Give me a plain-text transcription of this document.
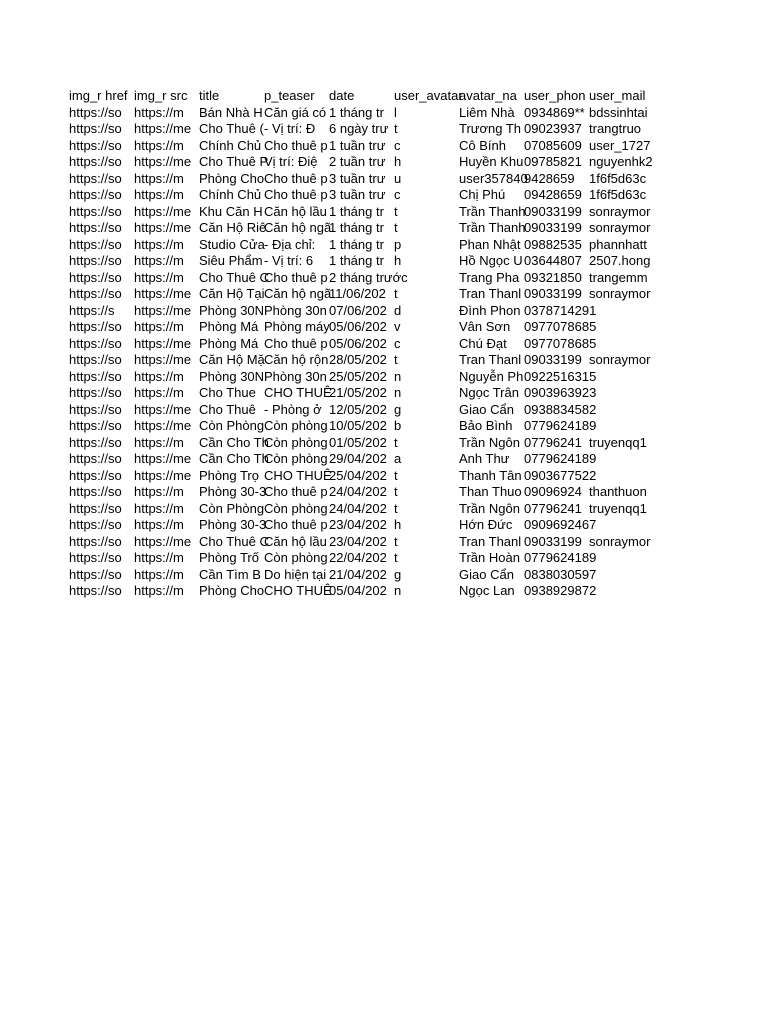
img_r href	img_r src	title	p_teaser	date	user_avatar	avatar_na	user_phon	user_mail
https://so	https://m	Bán Nhà H	Căn giá có	1 tháng tr	l	Liêm Nhà	0934869**	bdssinhtai
https://so	https://me	Cho Thuê (	- Vị trí: Đ	6 ngày trư	t	Trương Th	09023937	trangtruo
https://so	https://m	Chính Chủ	Cho thuê p	1 tuần trư	c	Cô Bính	07085609	user_1727
https://so	https://me	Cho Thuê P	Vị trí: Điệ	2 tuần trư	h	Huyền Khu	09785821	nguyenhk2
https://so	https://m	Phòng Cho	Cho thuê p	3 tuần trư	u	user357840	9428659	1f6f5d63c
https://so	https://m	Chính Chủ	Cho thuê p	3 tuần trư	c	Chị Phú	09428659	1f6f5d63c
https://so	https://me	Khu Căn H	Căn hộ lầu	1 tháng tr	t	Trần Thanh	09033199	sonraymor
https://so	https://me	Căn Hộ Riê	Căn hộ ngã	1 tháng tr	t	Trần Thanh	09033199	sonraymor
https://so	https://m	Studio Cửa	- Địa chỉ:	1 tháng tr	p	Phan Nhật	09882535	phannhatt
https://so	https://m	Siêu Phẩm	- Vị trí: 6	1 tháng tr	h	Hồ Ngọc U	03644807	2507.hong
https://so	https://m	Cho Thuê C	Cho thuê p	2 tháng trước		Trang Pha	09321850	trangemm
https://so	https://me	Căn Hộ Tại	Căn hộ ngã	11/06/202	t	Tran Thanl	09033199	sonraymor
https://s	https://me	Phòng 30N	Phòng 30n	07/06/202	d	Đình Phon	0378714291	
https://so	https://m	Phòng Má	Phòng máy	05/06/202	v	Vân Sơn	0977078685	
https://so	https://me	Phòng Má	Cho thuê p	05/06/202	c	Chú Đạt	0977078685	
https://so	https://me	Căn Hộ Mặ	Căn hộ rộn	28/05/202	t	Tran Thanl	09033199	sonraymor
https://so	https://m	Phòng 30N	Phòng 30n	25/05/202	n	Nguyễn Ph	0922516315	
https://so	https://m	Cho Thue	CHO THUÊ	21/05/202	n	Ngọc Trân	0903963923	
https://so	https://me	Cho Thuê	- Phòng ở	12/05/202	g	Giao Cẩn	0938834582	
https://so	https://me	Còn Phòng	Còn phòng	10/05/202	b	Bảo Bình	0779624189	
https://so	https://m	Cần Cho Th	Còn phòng	01/05/202	t	Trần Ngôn	07796241	truyenqq1
https://so	https://me	Cần Cho Th	Còn phòng	29/04/202	a	Anh Thư	0779624189	
https://so	https://me	Phòng Trọ	CHO THUÊ	25/04/202	t	Thanh Tân	0903677522	
https://so	https://m	Phòng 30-3	Cho thuê p	24/04/202	t	Than Thuo	09096924	thanthuon
https://so	https://m	Còn Phòng	Còn phòng	24/04/202	t	Trần Ngôn	07796241	truyenqq1
https://so	https://m	Phòng 30-3	Cho thuê p	23/04/202	h	Hớn Đức	0909692467	
https://so	https://me	Cho Thuê C	Căn hộ lầu	23/04/202	t	Tran Thanl	09033199	sonraymor
https://so	https://m	Phòng Trố	Còn phòng	22/04/202	t	Trần Hoàn	0779624189	
https://so	https://m	Cần Tìm B	Do hiện tại	21/04/202	g	Giao Cẩn	0838030597	
https://so	https://m	Phòng Cho	CHO THUÊ	05/04/202	n	Ngọc Lan	0938929872	
